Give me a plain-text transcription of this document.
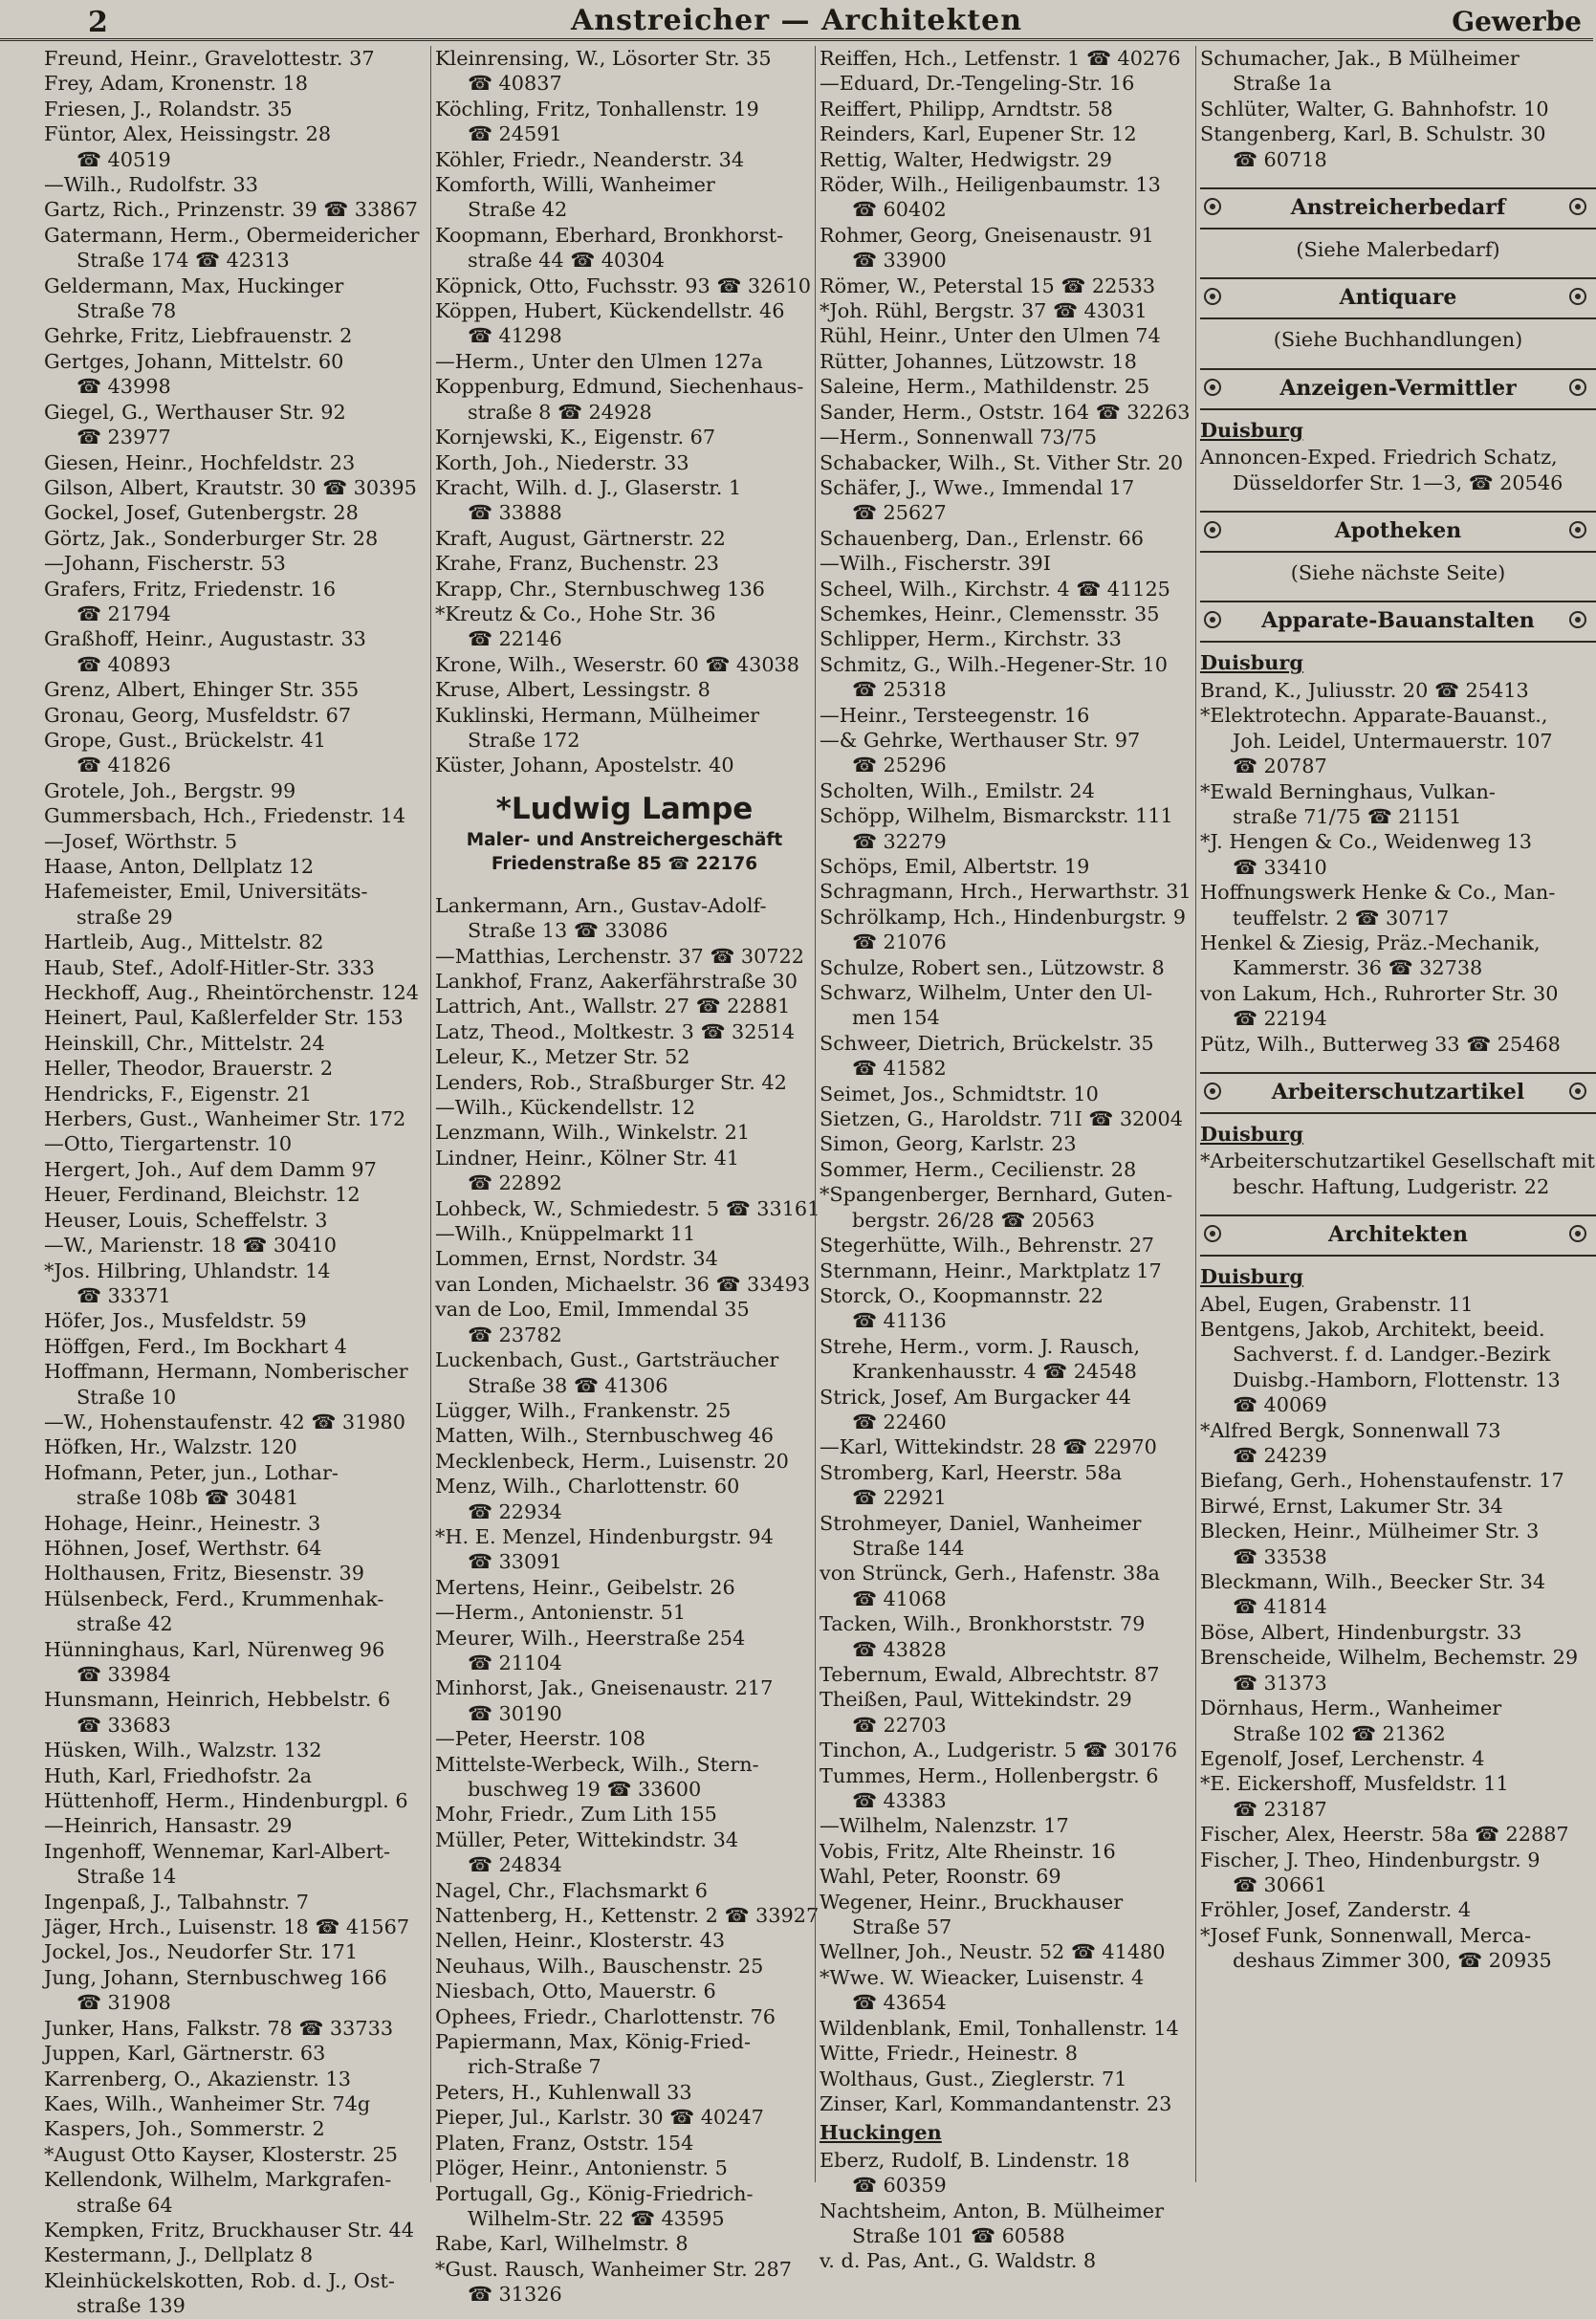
2	Anstreicher — Architekten	Gewerbe
Freund, Heinr., Gravelottestr. 37
Frey, Adam, Kronenstr. 18
Friesen, J., Rolandstr. 35
Füntor, Alex, Heissingstr. 28
☎ 40519
—Wilh., Rudolfstr. 33
Gartz, Rich., Prinzenstr. 39 ☎ 33867
Gatermann, Herm., Obermeidericher
Straße 174 ☎ 42313
Geldermann, Max, Huckinger
Straße 78
Gehrke, Fritz, Liebfrauenstr. 2
Gertges, Johann, Mittelstr. 60
☎ 43998
Giegel, G., Werthauser Str. 92
☎ 23977
Giesen, Heinr., Hochfeldstr. 23
Gilson, Albert, Krautstr. 30 ☎ 30395
Gockel, Josef, Gutenbergstr. 28
Görtz, Jak., Sonderburger Str. 28
—Johann, Fischerstr. 53
Grafers, Fritz, Friedenstr. 16
☎ 21794
Graßhoff, Heinr., Augustastr. 33
☎ 40893
Grenz, Albert, Ehinger Str. 355
Gronau, Georg, Musfeldstr. 67
Grope, Gust., Brückelstr. 41
☎ 41826
Grotele, Joh., Bergstr. 99
Gummersbach, Hch., Friedenstr. 14
—Josef, Wörthstr. 5
Haase, Anton, Dellplatz 12
Hafemeister, Emil, Universitäts-
straße 29
Hartleib, Aug., Mittelstr. 82
Haub, Stef., Adolf-Hitler-Str. 333
Heckhoff, Aug., Rheintörchenstr. 124
Heinert, Paul, Kaßlerfelder Str. 153
Heinskill, Chr., Mittelstr. 24
Heller, Theodor, Brauerstr. 2
Hendricks, F., Eigenstr. 21
Herbers, Gust., Wanheimer Str. 172
—Otto, Tiergartenstr. 10
Hergert, Joh., Auf dem Damm 97
Heuer, Ferdinand, Bleichstr. 12
Heuser, Louis, Scheffelstr. 3
—W., Marienstr. 18 ☎ 30410
*Jos. Hilbring, Uhlandstr. 14
☎ 33371
Höfer, Jos., Musfeldstr. 59
Höffgen, Ferd., Im Bockhart 4
Hoffmann, Hermann, Nomberischer
Straße 10
—W., Hohenstaufenstr. 42 ☎ 31980
Höfken, Hr., Walzstr. 120
Hofmann, Peter, jun., Lothar-
straße 108b ☎ 30481
Hohage, Heinr., Heinestr. 3
Höhnen, Josef, Werthstr. 64
Holthausen, Fritz, Biesenstr. 39
Hülsenbeck, Ferd., Krummenhak-
straße 42
Hünninghaus, Karl, Nürenweg 96
☎ 33984
Hunsmann, Heinrich, Hebbelstr. 6
☎ 33683
Hüsken, Wilh., Walzstr. 132
Huth, Karl, Friedhofstr. 2a
Hüttenhoff, Herm., Hindenburgpl. 6
—Heinrich, Hansastr. 29
Ingenhoff, Wennemar, Karl-Albert-
Straße 14
Ingenpaß, J., Talbahnstr. 7
Jäger, Hrch., Luisenstr. 18 ☎ 41567
Jockel, Jos., Neudorfer Str. 171
Jung, Johann, Sternbuschweg 166
☎ 31908
Junker, Hans, Falkstr. 78 ☎ 33733
Juppen, Karl, Gärtnerstr. 63
Karrenberg, O., Akazienstr. 13
Kaes, Wilh., Wanheimer Str. 74g
Kaspers, Joh., Sommerstr. 2
*August Otto Kayser, Klosterstr. 25
Kellendonk, Wilhelm, Markgrafen-
straße 64
Kempken, Fritz, Bruckhauser Str. 44
Kestermann, J., Dellplatz 8
Kleinhückelskotten, Rob. d. J., Ost-
straße 139
Kleinrensing, W., Lösorter Str. 35
☎ 40837
Köchling, Fritz, Tonhallenstr. 19
☎ 24591
Köhler, Friedr., Neanderstr. 34
Komforth, Willi, Wanheimer
Straße 42
Koopmann, Eberhard, Bronkhorst-
straße 44 ☎ 40304
Köpnick, Otto, Fuchsstr. 93 ☎ 32610
Köppen, Hubert, Kückendellstr. 46
☎ 41298
—Herm., Unter den Ulmen 127a
Koppenburg, Edmund, Siechenhaus-
straße 8 ☎ 24928
Kornjewski, K., Eigenstr. 67
Korth, Joh., Niederstr. 33
Kracht, Wilh. d. J., Glaserstr. 1
☎ 33888
Kraft, August, Gärtnerstr. 22
Krahe, Franz, Buchenstr. 23
Krapp, Chr., Sternbuschweg 136
*Kreutz & Co., Hohe Str. 36
☎ 22146
Krone, Wilh., Weserstr. 60 ☎ 43038
Kruse, Albert, Lessingstr. 8
Kuklinski, Hermann, Mülheimer
Straße 172
Küster, Johann, Apostelstr. 40
*Ludwig Lampe
Maler- und Anstreichergeschäft
Friedenstraße 85 ☎ 22176
Lankermann, Arn., Gustav-Adolf-
Straße 13 ☎ 33086
—Matthias, Lerchenstr. 37 ☎ 30722
Lankhof, Franz, Aakerfährstraße 30
Lattrich, Ant., Wallstr. 27 ☎ 22881
Latz, Theod., Moltkestr. 3 ☎ 32514
Leleur, K., Metzer Str. 52
Lenders, Rob., Straßburger Str. 42
—Wilh., Kückendellstr. 12
Lenzmann, Wilh., Winkelstr. 21
Lindner, Heinr., Kölner Str. 41
☎ 22892
Lohbeck, W., Schmiedestr. 5 ☎ 33161
—Wilh., Knüppelmarkt 11
Lommen, Ernst, Nordstr. 34
van Londen, Michaelstr. 36 ☎ 33493
van de Loo, Emil, Immendal 35
☎ 23782
Luckenbach, Gust., Gartsträucher
Straße 38 ☎ 41306
Lügger, Wilh., Frankenstr. 25
Matten, Wilh., Sternbuschweg 46
Mecklenbeck, Herm., Luisenstr. 20
Menz, Wilh., Charlottenstr. 60
☎ 22934
*H. E. Menzel, Hindenburgstr. 94
☎ 33091
Mertens, Heinr., Geibelstr. 26
—Herm., Antonienstr. 51
Meurer, Wilh., Heerstraße 254
☎ 21104
Minhorst, Jak., Gneisenaustr. 217
☎ 30190
—Peter, Heerstr. 108
Mittelste-Werbeck, Wilh., Stern-
buschweg 19 ☎ 33600
Mohr, Friedr., Zum Lith 155
Müller, Peter, Wittekindstr. 34
☎ 24834
Nagel, Chr., Flachsmarkt 6
Nattenberg, H., Kettenstr. 2 ☎ 33927
Nellen, Heinr., Klosterstr. 43
Neuhaus, Wilh., Bauschenstr. 25
Niesbach, Otto, Mauerstr. 6
Ophees, Friedr., Charlottenstr. 76
Papiermann, Max, König-Fried-
rich-Straße 7
Peters, H., Kuhlenwall 33
Pieper, Jul., Karlstr. 30 ☎ 40247
Platen, Franz, Oststr. 154
Plöger, Heinr., Antonienstr. 5
Portugall, Gg., König-Friedrich-
Wilhelm-Str. 22 ☎ 43595
Rabe, Karl, Wilhelmstr. 8
*Gust. Rausch, Wanheimer Str. 287
☎ 31326
Reiffen, Hch., Letfenstr. 1 ☎ 40276
—Eduard, Dr.-Tengeling-Str. 16
Reiffert, Philipp, Arndtstr. 58
Reinders, Karl, Eupener Str. 12
Rettig, Walter, Hedwigstr. 29
Röder, Wilh., Heiligenbaumstr. 13
☎ 60402
Rohmer, Georg, Gneisenaustr. 91
☎ 33900
Römer, W., Peterstal 15 ☎ 22533
*Joh. Rühl, Bergstr. 37 ☎ 43031
Rühl, Heinr., Unter den Ulmen 74
Rütter, Johannes, Lützowstr. 18
Saleine, Herm., Mathildenstr. 25
Sander, Herm., Oststr. 164 ☎ 32263
—Herm., Sonnenwall 73/75
Schabacker, Wilh., St. Vither Str. 20
Schäfer, J., Wwe., Immendal 17
☎ 25627
Schauenberg, Dan., Erlenstr. 66
—Wilh., Fischerstr. 39I
Scheel, Wilh., Kirchstr. 4 ☎ 41125
Schemkes, Heinr., Clemensstr. 35
Schlipper, Herm., Kirchstr. 33
Schmitz, G., Wilh.-Hegener-Str. 10
☎ 25318
—Heinr., Tersteegenstr. 16
—& Gehrke, Werthauser Str. 97
☎ 25296
Scholten, Wilh., Emilstr. 24
Schöpp, Wilhelm, Bismarckstr. 111
☎ 32279
Schöps, Emil, Albertstr. 19
Schragmann, Hrch., Herwarthstr. 31
Schrölkamp, Hch., Hindenburgstr. 9
☎ 21076
Schulze, Robert sen., Lützowstr. 8
Schwarz, Wilhelm, Unter den Ul-
men 154
Schweer, Dietrich, Brückelstr. 35
☎ 41582
Seimet, Jos., Schmidtstr. 10
Sietzen, G., Haroldstr. 71I ☎ 32004
Simon, Georg, Karlstr. 23
Sommer, Herm., Cecilienstr. 28
*Spangenberger, Bernhard, Guten-
bergstr. 26/28 ☎ 20563
Stegerhütte, Wilh., Behrenstr. 27
Sternmann, Heinr., Marktplatz 17
Storck, O., Koopmannstr. 22
☎ 41136
Strehe, Herm., vorm. J. Rausch,
Krankenhausstr. 4 ☎ 24548
Strick, Josef, Am Burgacker 44
☎ 22460
—Karl, Wittekindstr. 28 ☎ 22970
Stromberg, Karl, Heerstr. 58a
☎ 22921
Strohmeyer, Daniel, Wanheimer
Straße 144
von Strünck, Gerh., Hafenstr. 38a
☎ 41068
Tacken, Wilh., Bronkhorststr. 79
☎ 43828
Tebernum, Ewald, Albrechtstr. 87
Theißen, Paul, Wittekindstr. 29
☎ 22703
Tinchon, A., Ludgeristr. 5 ☎ 30176
Tummes, Herm., Hollenbergstr. 6
☎ 43383
—Wilhelm, Nalenzstr. 17
Vobis, Fritz, Alte Rheinstr. 16
Wahl, Peter, Roonstr. 69
Wegener, Heinr., Bruckhauser
Straße 57
Wellner, Joh., Neustr. 52 ☎ 41480
*Wwe. W. Wieacker, Luisenstr. 4
☎ 43654
Wildenblank, Emil, Tonhallenstr. 14
Witte, Friedr., Heinestr. 8
Wolthaus, Gust., Zieglerstr. 71
Zinser, Karl, Kommandantenstr. 23
Huckingen
Eberz, Rudolf, B. Lindenstr. 18
☎ 60359
Nachtsheim, Anton, B. Mülheimer
Straße 101 ☎ 60588
v. d. Pas, Ant., G. Waldstr. 8
Schumacher, Jak., B Mülheimer
Straße 1a
Schlüter, Walter, G. Bahnhofstr. 10
Stangenberg, Karl, B. Schulstr. 30
☎ 60718
Anstreicherbedarf
(Siehe Malerbedarf)
Antiquare
(Siehe Buchhandlungen)
Anzeigen-Vermittler
Duisburg
Annoncen-Exped. Friedrich Schatz,
Düsseldorfer Str. 1—3, ☎ 20546
Apotheken
(Siehe nächste Seite)
Apparate-Bauanstalten
Duisburg
Brand, K., Juliusstr. 20 ☎ 25413
*Elektrotechn. Apparate-Bauanst.,
Joh. Leidel, Untermauerstr. 107
☎ 20787
*Ewald Berninghaus, Vulkan-
straße 71/75 ☎ 21151
*J. Hengen & Co., Weidenweg 13
☎ 33410
Hoffnungswerk Henke & Co., Man-
teuffelstr. 2 ☎ 30717
Henkel & Ziesig, Präz.-Mechanik,
Kammerstr. 36 ☎ 32738
von Lakum, Hch., Ruhrorter Str. 30
☎ 22194
Pütz, Wilh., Butterweg 33 ☎ 25468
Arbeiterschutzartikel
Duisburg
*Arbeiterschutzartikel Gesellschaft mit
beschr. Haftung, Ludgeristr. 22
Architekten
Duisburg
Abel, Eugen, Grabenstr. 11
Bentgens, Jakob, Architekt, beeid.
Sachverst. f. d. Landger.-Bezirk
Duisbg.-Hamborn, Flottenstr. 13
☎ 40069
*Alfred Bergk, Sonnenwall 73
☎ 24239
Biefang, Gerh., Hohenstaufenstr. 17
Birwé, Ernst, Lakumer Str. 34
Blecken, Heinr., Mülheimer Str. 3
☎ 33538
Bleckmann, Wilh., Beecker Str. 34
☎ 41814
Böse, Albert, Hindenburgstr. 33
Brenscheide, Wilhelm, Bechemstr. 29
☎ 31373
Dörnhaus, Herm., Wanheimer
Straße 102 ☎ 21362
Egenolf, Josef, Lerchenstr. 4
*E. Eickershoff, Musfeldstr. 11
☎ 23187
Fischer, Alex, Heerstr. 58a ☎ 22887
Fischer, J. Theo, Hindenburgstr. 9
☎ 30661
Fröhler, Josef, Zanderstr. 4
*Josef Funk, Sonnenwall, Merca-
deshaus Zimmer 300, ☎ 20935
